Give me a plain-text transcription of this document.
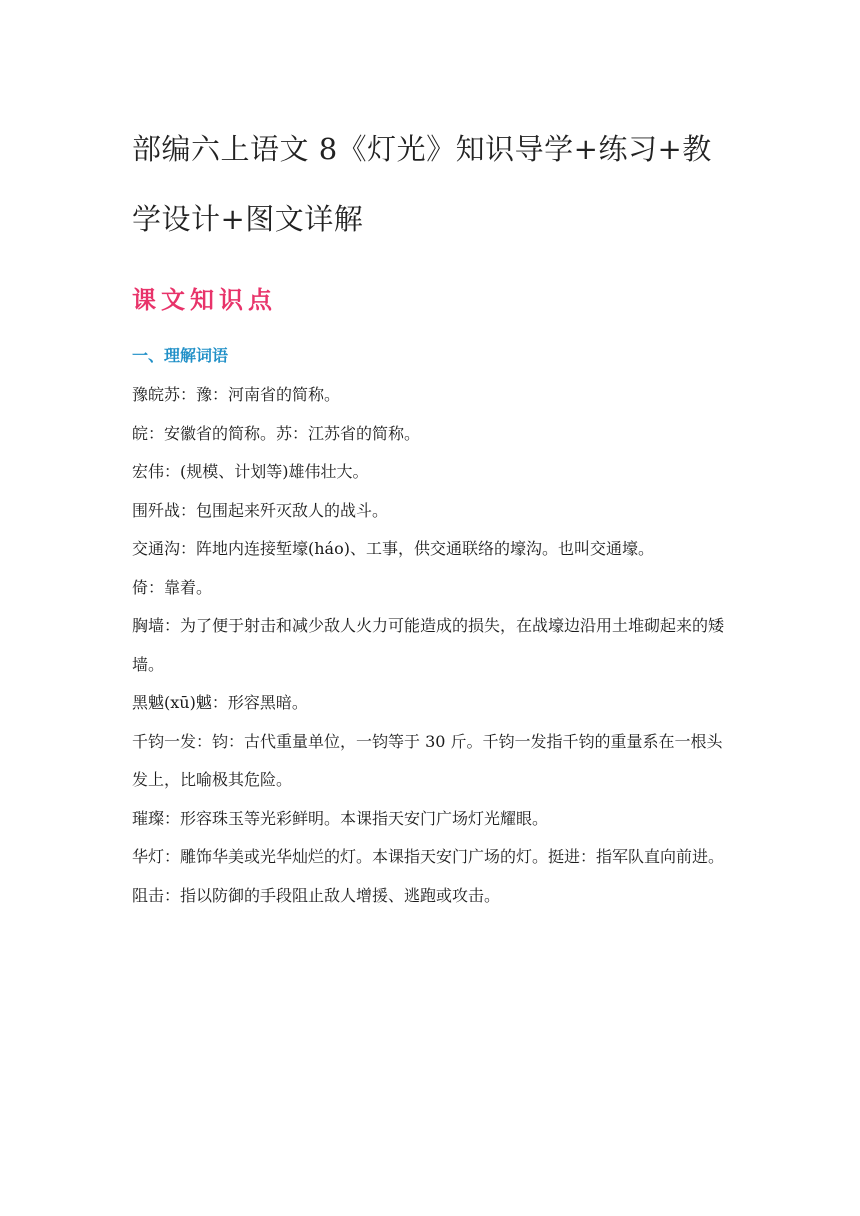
部编六上语文 8《灯光》知识导学+练习+教学设计+图文详解
课文知识点
一、理解词语
豫皖苏：豫：河南省的简称。
皖：安徽省的简称。苏：江苏省的简称。
宏伟：(规模、计划等)雄伟壮大。
围歼战：包围起来歼灭敌人的战斗。
交通沟：阵地内连接堑壕(háo)、工事，供交通联络的壕沟。也叫交通壕。
倚：靠着。
胸墙：为了便于射击和减少敌人火力可能造成的损失，在战壕边沿用土堆砌起来的矮墙。
黑魆(xū)魆：形容黑暗。
千钧一发：钧：古代重量单位，一钧等于 30 斤。千钧一发指千钧的重量系在一根头发上，比喻极其危险。
璀璨：形容珠玉等光彩鲜明。本课指天安门广场灯光耀眼。
华灯：雕饰华美或光华灿烂的灯。本课指天安门广场的灯。挺进：指军队直向前进。
阻击：指以防御的手段阻止敌人增援、逃跑或攻击。
